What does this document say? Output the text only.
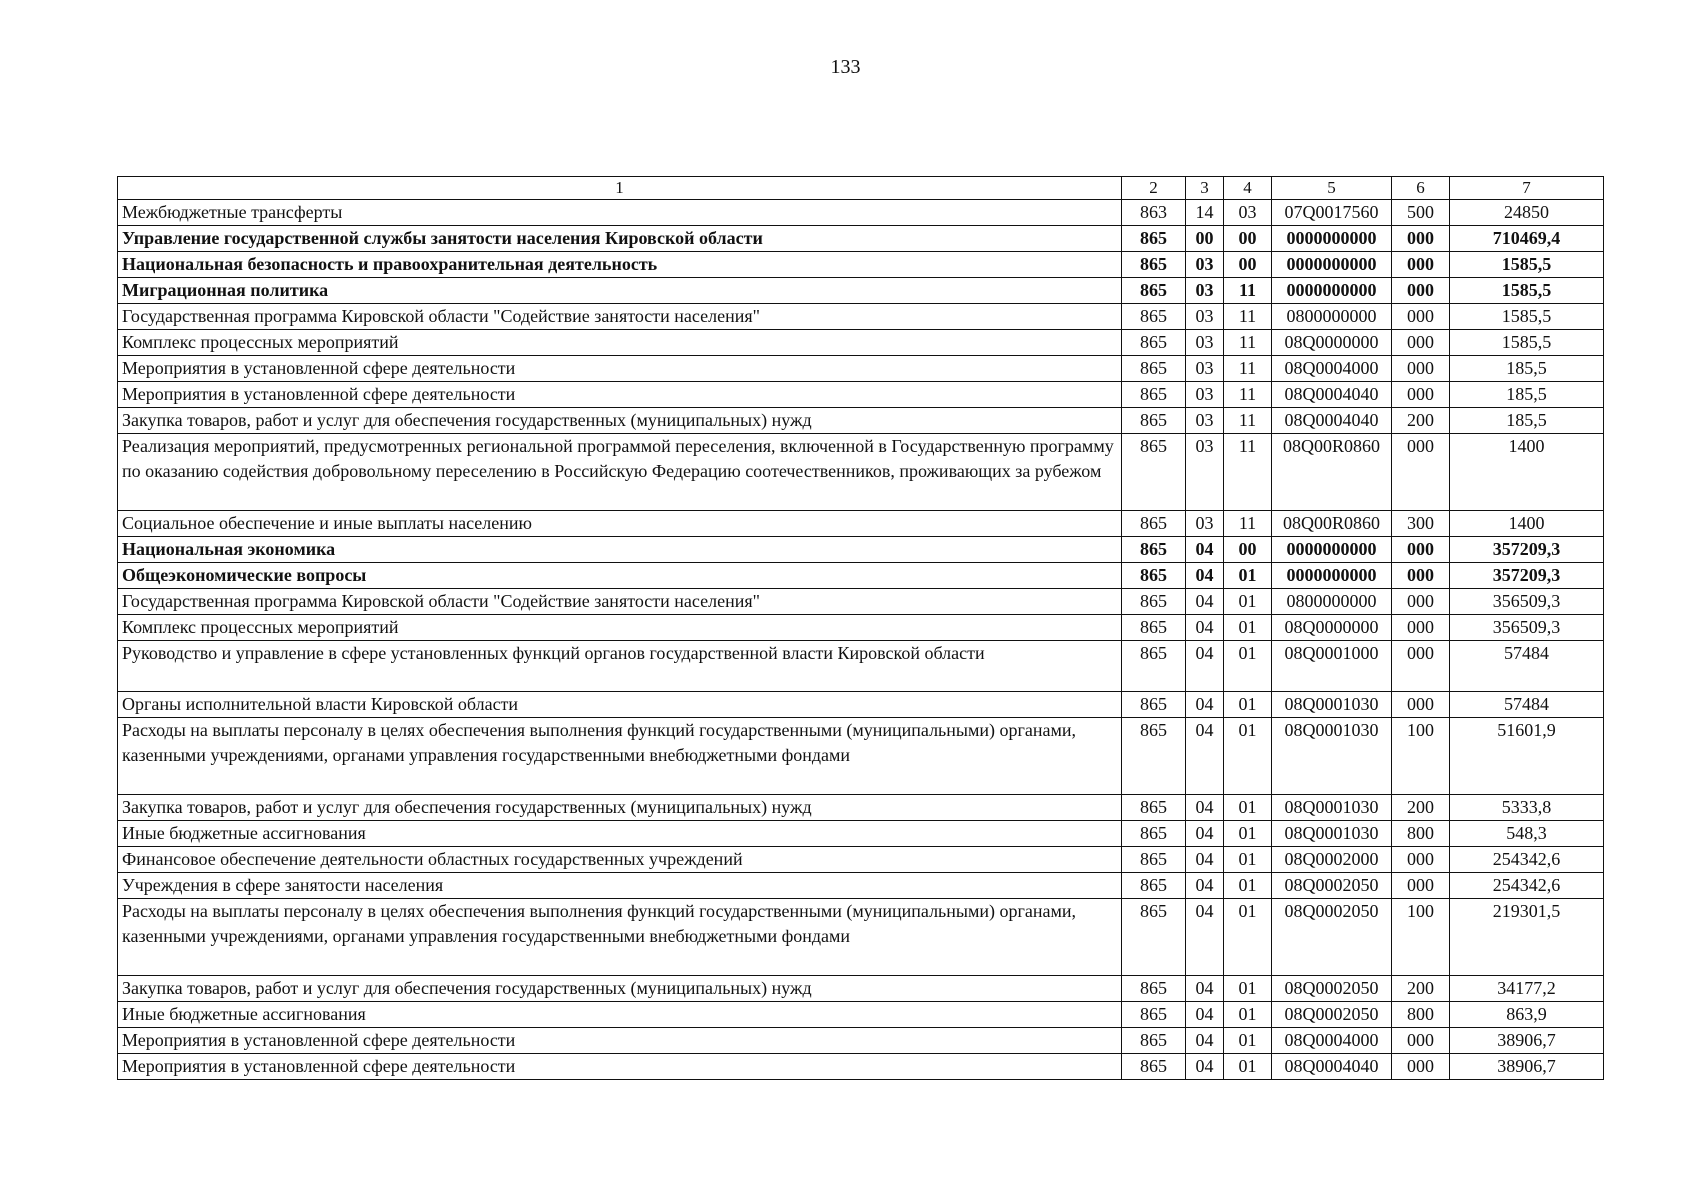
133
1	2	3	4	5	6	7
Межбюджетные трансферты	863	14	03	07Q0017560	500	24850
Управление государственной службы занятости населения Кировской области	865	00	00	0000000000	000	710469,4
Национальная безопасность и правоохранительная деятельность	865	03	00	0000000000	000	1585,5
Миграционная политика	865	03	11	0000000000	000	1585,5
Государственная программа Кировской области "Содействие занятости населения"	865	03	11	0800000000	000	1585,5
Комплекс процессных мероприятий	865	03	11	08Q0000000	000	1585,5
Мероприятия в установленной сфере деятельности	865	03	11	08Q0004000	000	185,5
Мероприятия в установленной сфере деятельности	865	03	11	08Q0004040	000	185,5
Закупка товаров, работ и услуг для обеспечения государственных (муниципальных) нужд	865	03	11	08Q0004040	200	185,5
Реализация мероприятий, предусмотренных региональной программой переселения, включенной в Государственную программу по оказанию содействия добровольному переселению в Российскую Федерацию соотечественников, проживающих за рубежом	865	03	11	08Q00R0860	000	1400
Социальное обеспечение и иные выплаты населению	865	03	11	08Q00R0860	300	1400
Национальная экономика	865	04	00	0000000000	000	357209,3
Общеэкономические вопросы	865	04	01	0000000000	000	357209,3
Государственная программа Кировской области "Содействие занятости населения"	865	04	01	0800000000	000	356509,3
Комплекс процессных мероприятий	865	04	01	08Q0000000	000	356509,3
Руководство и управление в сфере установленных функций органов государственной власти Кировской области	865	04	01	08Q0001000	000	57484
Органы исполнительной власти Кировской области	865	04	01	08Q0001030	000	57484
Расходы на выплаты персоналу в целях обеспечения выполнения функций государственными (муниципальными) органами, казенными учреждениями, органами управления государственными внебюджетными фондами	865	04	01	08Q0001030	100	51601,9
Закупка товаров, работ и услуг для обеспечения государственных (муниципальных) нужд	865	04	01	08Q0001030	200	5333,8
Иные бюджетные ассигнования	865	04	01	08Q0001030	800	548,3
Финансовое обеспечение деятельности областных государственных учреждений	865	04	01	08Q0002000	000	254342,6
Учреждения в сфере занятости населения	865	04	01	08Q0002050	000	254342,6
Расходы на выплаты персоналу в целях обеспечения выполнения функций государственными (муниципальными) органами, казенными учреждениями, органами управления государственными внебюджетными фондами	865	04	01	08Q0002050	100	219301,5
Закупка товаров, работ и услуг для обеспечения государственных (муниципальных) нужд	865	04	01	08Q0002050	200	34177,2
Иные бюджетные ассигнования	865	04	01	08Q0002050	800	863,9
Мероприятия в установленной сфере деятельности	865	04	01	08Q0004000	000	38906,7
Мероприятия в установленной сфере деятельности	865	04	01	08Q0004040	000	38906,7
